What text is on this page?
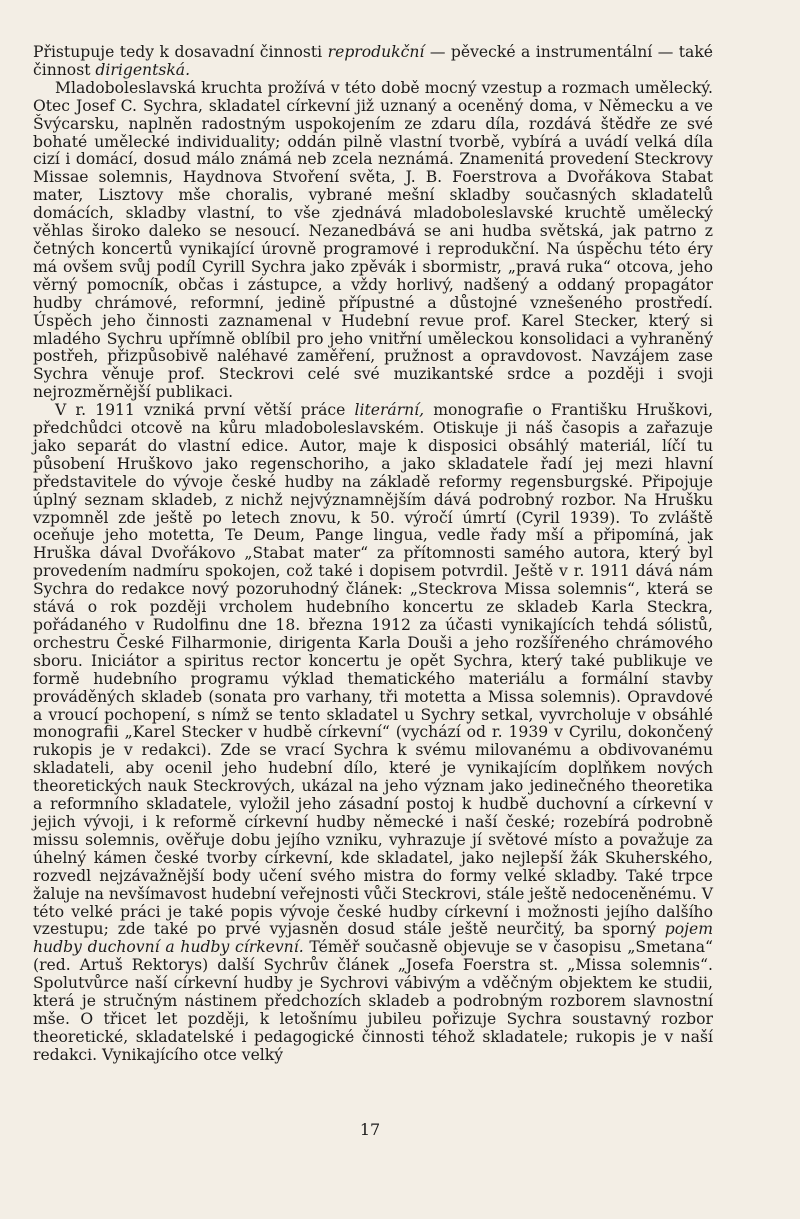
Přistupuje tedy k dosavadní činnosti reprodukční — pěvecké a instrumentální — také činnost dirigentská.

Mladoboleslavská kruchta prožívá v této době mocný vzestup a rozmach umělecký. Otec Josef C. Sychra, skladatel církevní již uznaný a oceněný doma, v Německu a ve Švýcarsku, naplněn radostným uspokojením ze zdaru díla, rozdává štědře ze své bohaté umělecké individuality; oddán pilně vlastní tvorbě, vybírá a uvádí velká díla cizí i domácí, dosud málo známá neb zcela neznámá. Znamenitá provedení Steckrovy Missae solemnis, Haydnova Stvoření světa, J. B. Foerstrova a Dvořákova Stabat mater, Lisztovy mše choralis, vybrané mešní skladby současných skladatelů domácích, skladby vlastní, to vše zjednává mladoboleslavské kruchtě umělecký věhlas široko daleko se nesoucí. Nezanedbává se ani hudba světská, jak patrno z četných koncertů vynikající úrovně programové i reprodukční. Na úspěchu této éry má ovšem svůj podíl Cyrill Sychra jako zpěvák i sbormistr, „pravá ruka“ otcova, jeho věrný pomocník, občas i zástupce, a vždy horlivý, nadšený a oddaný propagátor hudby chrámové, reformní, jedině přípustné a důstojné vznešeného prostředí. Úspěch jeho činnosti zaznamenal v Hudební revue prof. Karel Stecker, který si mladého Sychru upřímně oblíbil pro jeho vnitřní uměleckou konsolidaci a vyhraněný postřeh, přizpůsobivě naléhavé zaměření, pružnost a opravdovost. Navzájem zase Sychra věnuje prof. Steckrovi celé své muzikantské srdce a později i svoji nejrozměrnější publikaci.

V r. 1911 vzniká první větší práce literární, monografie o Františku Hruškovi, předchůdci otcově na kůru mladoboleslavském. Otiskuje ji náš časopis a zařazuje jako separát do vlastní edice. Autor, maje k disposici obsáhlý materiál, líčí tu působení Hruškovo jako regenschoriho, a jako skladatele řadí jej mezi hlavní představitele do vývoje české hudby na základě reformy regensburgské. Připojuje úplný seznam skladeb, z nichž nejvýznamnějším dává podrobný rozbor. Na Hrušku vzpomněl zde ještě po letech znovu, k 50. výročí úmrtí (Cyril 1939). To zvláště oceňuje jeho motetta, Te Deum, Pange lingua, vedle řady mší a připomíná, jak Hruška dával Dvořákovo „Stabat mater“ za přítomnosti samého autora, který byl provedením nadmíru spokojen, což také i dopisem potvrdil. Ještě v r. 1911 dává nám Sychra do redakce nový pozoruhodný článek: „Steckrova Missa solemnis“, která se stává o rok později vrcholem hudebního koncertu ze skladeb Karla Steckra, pořádaného v Rudolfinu dne 18. března 1912 za účasti vynikajících tehdá sólistů, orchestru České Filharmonie, dirigenta Karla Douši a jeho rozšířeného chrámového sboru. Iniciátor a spiritus rector koncertu je opět Sychra, který také publikuje ve formě hudebního programu výklad thematického materiálu a formální stavby prováděných skladeb (sonata pro varhany, tři motetta a Missa solemnis). Opravdové a vroucí pochopení, s nímž se tento skladatel u Sychry setkal, vyvrcholuje v obsáhlé monografii „Karel Stecker v hudbě církevní“ (vychází od r. 1939 v Cyrilu, dokončený rukopis je v redakci). Zde se vrací Sychra k svému milovanému a obdivovanému skladateli, aby ocenil jeho hudební dílo, které je vynikajícím doplňkem nových theoretických nauk Steckrových, ukázal na jeho význam jako jedinečného theoretika a reformního skladatele, vyložil jeho zásadní postoj k hudbě duchovní a církevní v jejich vývoji, i k reformě církevní hudby německé i naší české; rozebírá podrobně missu solemnis, ověřuje dobu jejího vzniku, vyhrazuje jí světové místo a považuje za úhelný kámen české tvorby církevní, kde skladatel, jako nejlepší žák Skuherského, rozvedl nejzávažnější body učení svého mistra do formy velké skladby. Také trpce žaluje na nevšímavost hudební veřejnosti vůči Steckrovi, stále ještě nedoceněnému. V této velké práci je také popis vývoje české hudby církevní i možnosti jejího dalšího vzestupu; zde také po prvé vyjasněn dosud stále ještě neurčitý, ba sporný pojem hudby duchovní a hudby církevní. Téměř současně objevuje se v časopisu „Smetana“ (red. Artuš Rektorys) další Sychrův článek „Josefa Foerstra st. „Missa solemnis“. Spolutvůrce naší církevní hudby je Sychrovi vábivým a vděčným objektem ke studii, která je stručným nástinem předchozích skladeb a podrobným rozborem slavnostní mše. O třicet let později, k letošnímu jubileu pořizuje Sychra soustavný rozbor theoretické, skladatelské i pedagogické činnosti téhož skladatele; rukopis je v naší redakci. Vynikajícího otce velký

17
